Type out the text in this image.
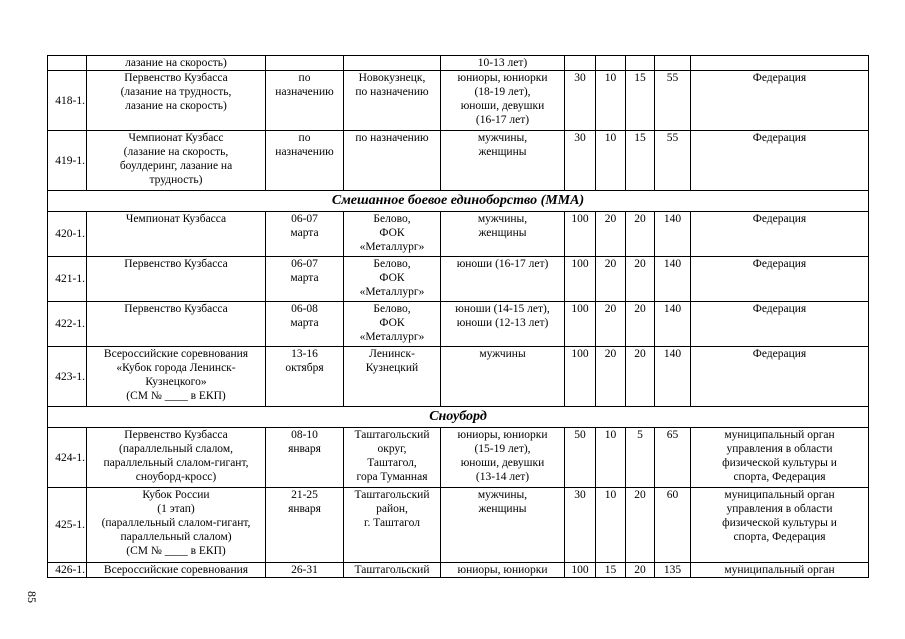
	лазание на скорость)			10-13 лет)					
418-1.	Первенство Кузбасса
(лазание на трудность,
лазание на скорость)	по
назначению	Новокузнецк,
по назначению	юниоры, юниорки
(18-19 лет),
юноши, девушки
(16-17 лет)	30	10	15	55	Федерация
419-1.	Чемпионат Кузбасс
(лазание на скорость,
боулдеринг, лазание на
трудность)	по
назначению	по назначению	мужчины,
женщины	30	10	15	55	Федерация
Смешанное боевое единоборство (ММА)									
420-1.	Чемпионат Кузбасса	06-07
марта	Белово,
ФОК
«Металлург»	мужчины,
женщины	100	20	20	140	Федерация
421-1.	Первенство Кузбасса	06-07
марта	Белово,
ФОК
«Металлург»	юноши (16-17 лет)	100	20	20	140	Федерация
422-1.	Первенство Кузбасса	06-08
марта	Белово,
ФОК
«Металлург»	юноши (14-15 лет),
юноши (12-13 лет)	100	20	20	140	Федерация
423-1.	Всероссийские соревнования
«Кубок города Ленинск-
Кузнецкого»
(СМ № ____ в ЕКП)	13-16
октября	Ленинск-
Кузнецкий	мужчины	100	20	20	140	Федерация
Сноуборд									
424-1.	Первенство Кузбасса
(параллельный слалом,
параллельный слалом-гигант,
сноуборд-кросс)	08-10
января	Таштагольский
округ,
Таштагол,
гора Туманная	юниоры, юниорки
(15-19 лет),
юноши, девушки
(13-14 лет)	50	10	5	65	муниципальный орган
управления в области
физической культуры и
спорта, Федерация
425-1.	Кубок России
(1 этап)
(параллельный слалом-гигант,
параллельный слалом)
(СМ № ____ в ЕКП)	21-25
января	Таштагольский
район,
г. Таштагол	мужчины,
женщины	30	10	20	60	муниципальный орган
управления в области
физической культуры и
спорта, Федерация
426-1.	Всероссийские соревнования	26-31	Таштагольский	юниоры, юниорки	100	15	20	135	муниципальный орган
85
